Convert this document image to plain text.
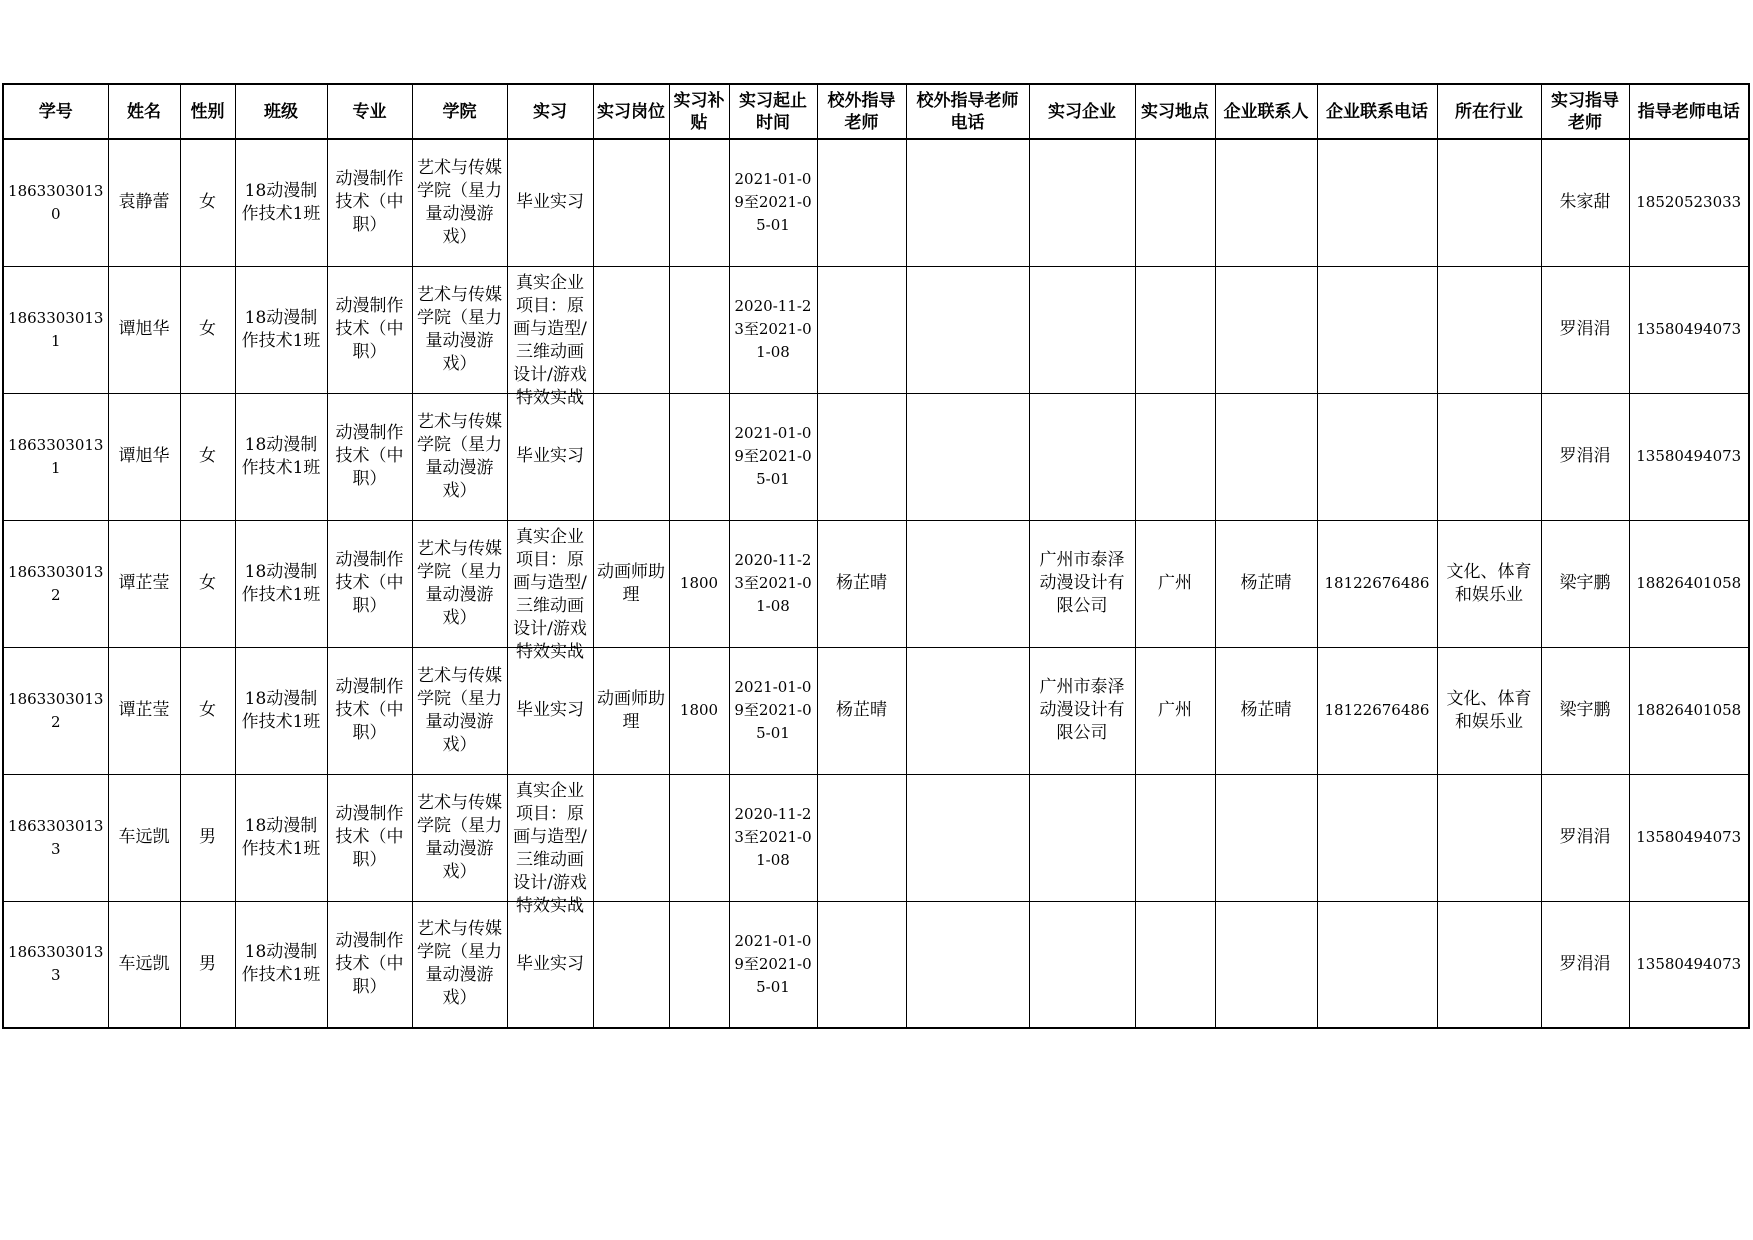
学号	姓名	性别	班级	专业	学院	实习	实习岗位	实习补贴	实习起止时间	校外指导老师	校外指导老师电话	实习企业	实习地点	企业联系人	企业联系电话	所在行业	实习指导老师	指导老师电话

18633030130	袁静蕾	女	18动漫制作技术1班	动漫制作技术（中职）	艺术与传媒学院（星力量动漫游戏）	毕业实习			2021-01-09至2021-05-01								朱家甜	18520523033

18633030131	谭旭华	女	18动漫制作技术1班	动漫制作技术（中职）	艺术与传媒学院（星力量动漫游戏）	真实企业项目：原画与造型/三维动画设计/游戏特效实战			2020-11-23至2021-01-08								罗涓涓	13580494073

18633030131	谭旭华	女	18动漫制作技术1班	动漫制作技术（中职）	艺术与传媒学院（星力量动漫游戏）	毕业实习			2021-01-09至2021-05-01								罗涓涓	13580494073

18633030132	谭芷莹	女	18动漫制作技术1班	动漫制作技术（中职）	艺术与传媒学院（星力量动漫游戏）	真实企业项目：原画与造型/三维动画设计/游戏特效实战	动画师助理	1800	2020-11-23至2021-01-08	杨芷晴		广州市泰泽动漫设计有限公司	广州	杨芷晴	18122676486	文化、体育和娱乐业	梁宇鹏	18826401058

18633030132	谭芷莹	女	18动漫制作技术1班	动漫制作技术（中职）	艺术与传媒学院（星力量动漫游戏）	毕业实习	动画师助理	1800	2021-01-09至2021-05-01	杨芷晴		广州市泰泽动漫设计有限公司	广州	杨芷晴	18122676486	文化、体育和娱乐业	梁宇鹏	18826401058

18633030133	车远凯	男	18动漫制作技术1班	动漫制作技术（中职）	艺术与传媒学院（星力量动漫游戏）	真实企业项目：原画与造型/三维动画设计/游戏特效实战			2020-11-23至2021-01-08								罗涓涓	13580494073

18633030133	车远凯	男	18动漫制作技术1班	动漫制作技术（中职）	艺术与传媒学院（星力量动漫游戏）	毕业实习			2021-01-09至2021-05-01								罗涓涓	13580494073
